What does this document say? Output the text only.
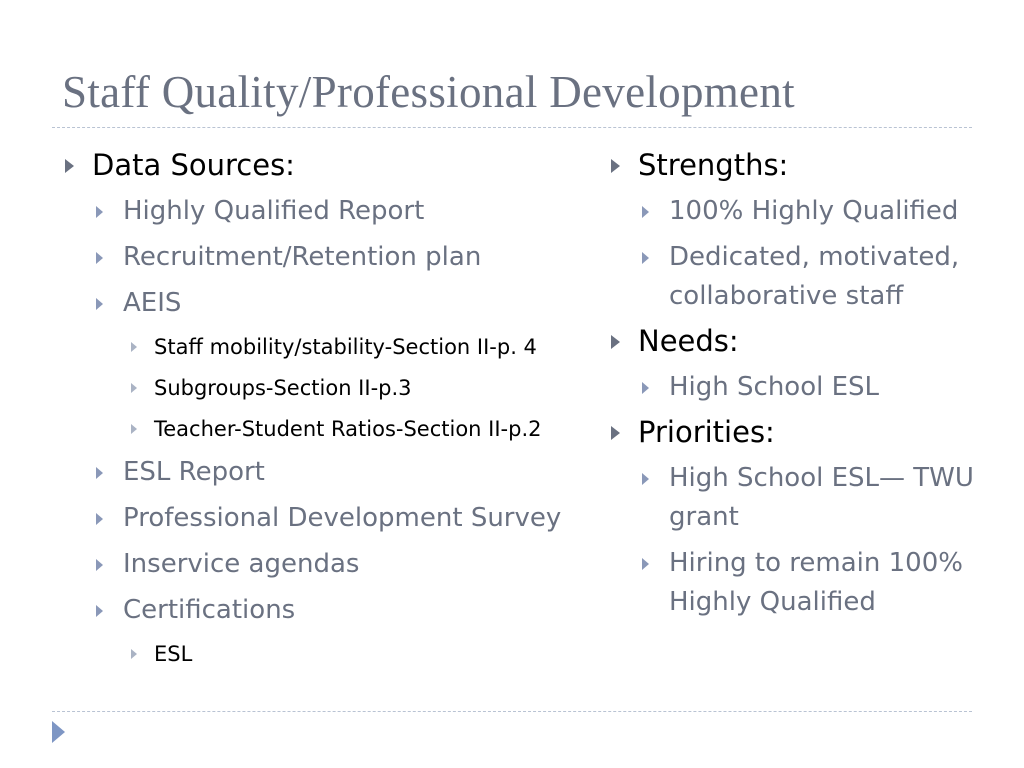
Staff Quality/Professional Development
Data Sources:
Highly Qualified Report
Recruitment/Retention plan
AEIS
Staff mobility/stability-Section II-p. 4
Subgroups-Section II-p.3
Teacher-Student Ratios-Section II-p.2
ESL Report
Professional Development Survey
Inservice agendas
Certifications
ESL
Strengths:
100% Highly Qualified
Dedicated, motivated, collaborative staff
Needs:
High School ESL
Priorities:
High School ESL— TWU grant
Hiring to remain 100% Highly Qualified
